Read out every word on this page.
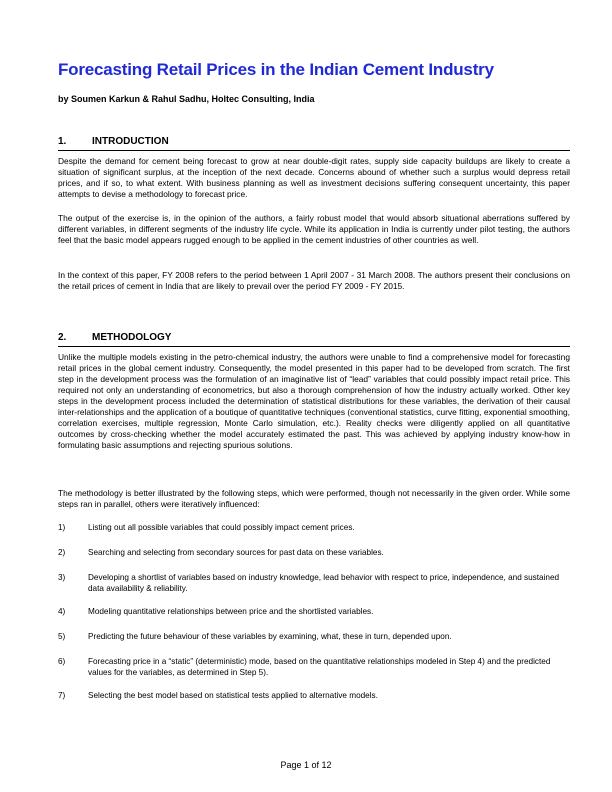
Forecasting Retail Prices in the Indian Cement Industry
by Soumen Karkun & Rahul Sadhu, Holtec Consulting, India
1.	INTRODUCTION

Despite the demand for cement being forecast to grow at near double-digit rates, supply side capacity buildups are likely to create a situation of significant surplus, at the inception of the next decade. Concerns abound of whether such a surplus would depress retail prices, and if so, to what extent. With business planning as well as investment decisions suffering consequent uncertainty, this paper attempts to devise a methodology to forecast price.

The output of the exercise is, in the opinion of the authors, a fairly robust model that would absorb situational aberrations suffered by different variables, in different segments of the industry life cycle. While its application in India is currently under pilot testing, the authors feel that the basic model appears rugged enough to be applied in the cement industries of other countries as well.

In the context of this paper, FY 2008 refers to the period between 1 April 2007 - 31 March 2008. The authors present their conclusions on the retail prices of cement in India that are likely to prevail over the period FY 2009 - FY 2015.

2.	METHODOLOGY

Unlike the multiple models existing in the petro-chemical industry, the authors were unable to find a comprehensive model for forecasting retail prices in the global cement industry. Consequently, the model presented in this paper had to be developed from scratch. The first step in the development process was the formulation of an imaginative list of “lead” variables that could possibly impact retail price. This required not only an understanding of econometrics, but also a thorough comprehension of how the industry actually worked. Other key steps in the development process included the determination of statistical distributions for these variables, the derivation of their causal inter-relationships and the application of a boutique of quantitative techniques (conventional statistics, curve fitting, exponential smoothing, correlation exercises, multiple regression, Monte Carlo simulation, etc.). Reality checks were diligently applied on all quantitative outcomes by cross-checking whether the model accurately estimated the past. This was achieved by applying industry know-how in formulating basic assumptions and rejecting spurious solutions.

The methodology is better illustrated by the following steps, which were performed, though not necessarily in the given order. While some steps ran in parallel, others were iteratively influenced:

1)	Listing out all possible variables that could possibly impact cement prices.
2)	Searching and selecting from secondary sources for past data on these variables.
3)	Developing a shortlist of variables based on industry knowledge, lead behavior with respect to price, independence, and sustained data availability & reliability.
4)	Modeling quantitative relationships between price and the shortlisted variables.
5)	Predicting the future behaviour of these variables by examining, what, these in turn, depended upon.
6)	Forecasting price in a “static” (deterministic) mode, based on the quantitative relationships modeled in Step 4) and the predicted values for the variables, as determined in Step 5).
7)	Selecting the best model based on statistical tests applied to alternative models.
Page 1 of 12
